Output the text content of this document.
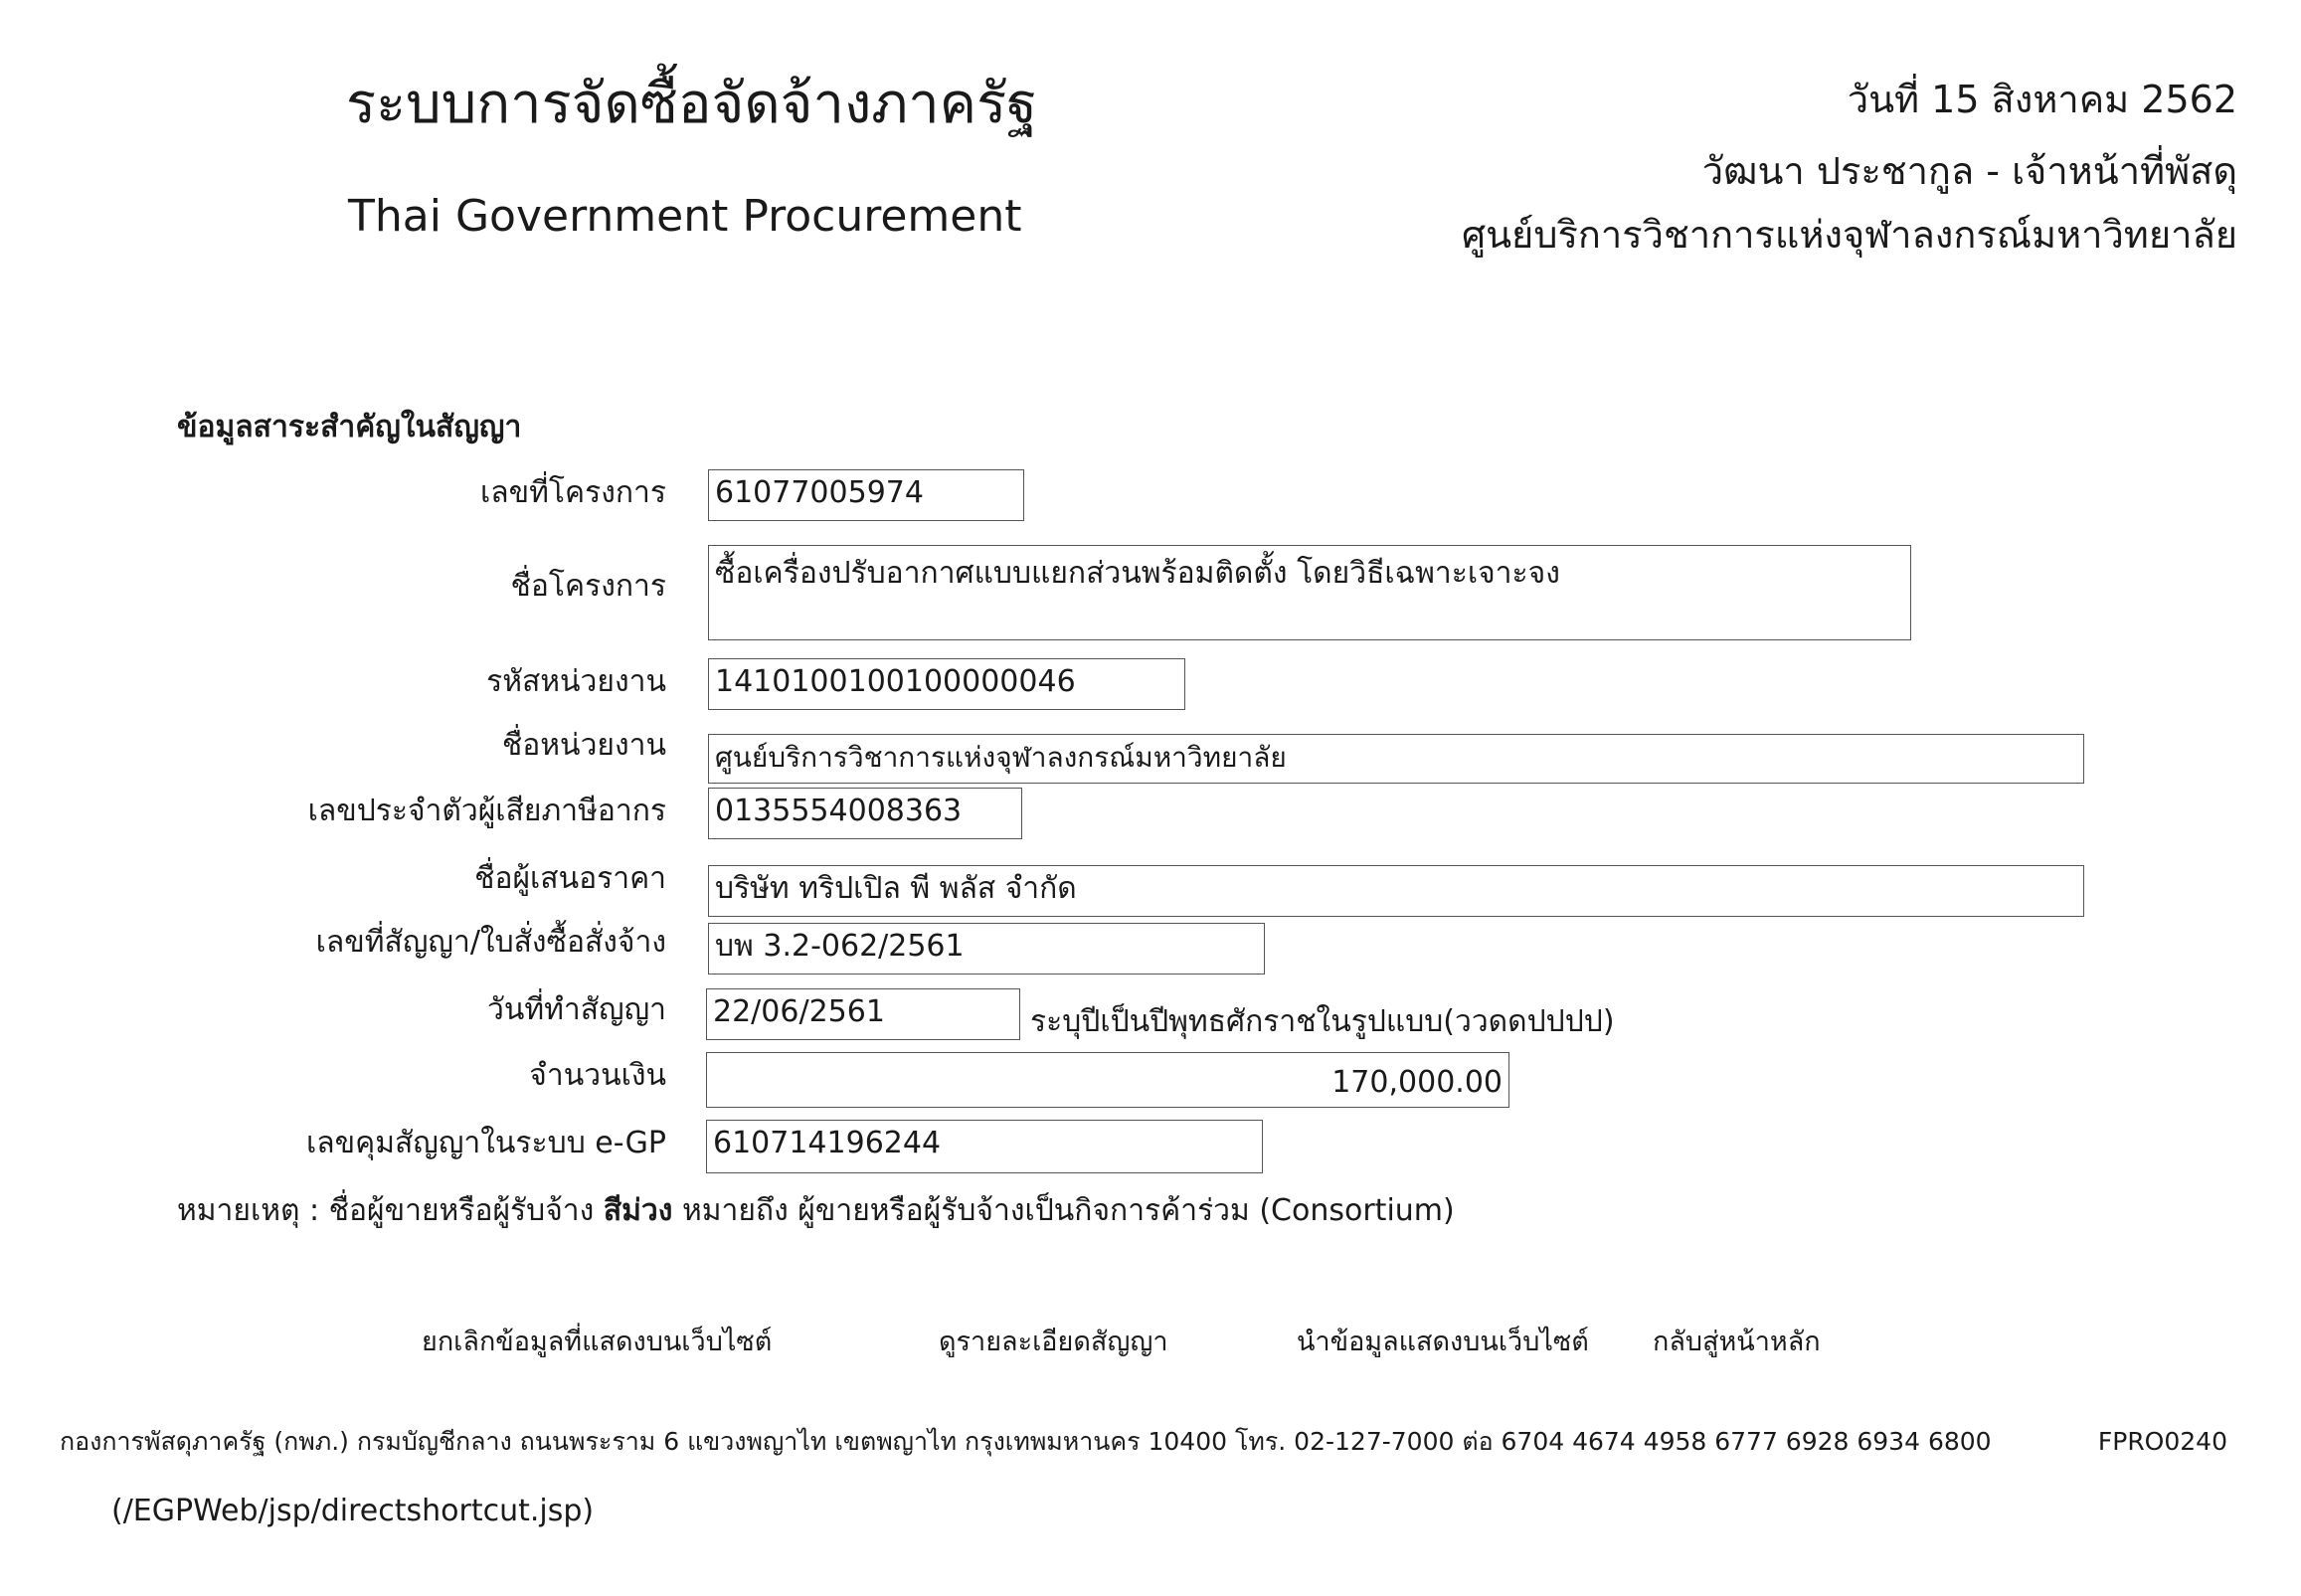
ระบบการจัดซื้อจัดจ้างภาครัฐ
Thai Government Procurement
วันที่ 15 สิงหาคม 2562
วัฒนา ประชากูล - เจ้าหน้าที่พัสดุ
ศูนย์บริการวิชาการแห่งจุฬาลงกรณ์มหาวิทยาลัย
ข้อมูลสาระสำคัญในสัญญา
เลขที่โครงการ 61077005974
ชื่อโครงการ ซื้อเครื่องปรับอากาศแบบแยกส่วนพร้อมติดตั้ง โดยวิธีเฉพาะเจาะจง
รหัสหน่วยงาน 1410100100100000046
ชื่อหน่วยงาน ศูนย์บริการวิชาการแห่งจุฬาลงกรณ์มหาวิทยาลัย
เลขประจำตัวผู้เสียภาษีอากร 0135554008363
ชื่อผู้เสนอราคา บริษัท ทริปเปิล พี พลัส จำกัด
เลขที่สัญญา/ใบสั่งซื้อสั่งจ้าง บพ 3.2-062/2561
วันที่ทำสัญญา 22/06/2561	ระบุปีเป็นปีพุทธศักราชในรูปแบบ(ววดดปปปป)
จำนวนเงิน	170,000.00
เลขคุมสัญญาในระบบ e-GP 610714196244
หมายเหตุ : ชื่อผู้ขายหรือผู้รับจ้าง สีม่วง หมายถึง ผู้ขายหรือผู้รับจ้างเป็นกิจการค้าร่วม (Consortium)
ยกเลิกข้อมูลที่แสดงบนเว็บไซต์	ดูรายละเอียดสัญญา	นำข้อมูลแสดงบนเว็บไซต์ กลับสู่หน้าหลัก
กองการพัสดุภาครัฐ (กพภ.) กรมบัญชีกลาง ถนนพระราม 6 แขวงพญาไท เขตพญาไท กรุงเทพมหานคร 10400 โทร. 02-127-7000 ต่อ 6704 4674 4958 6777 6928 6934 6800	FPRO0240
(/EGPWeb/jsp/directshortcut.jsp)
